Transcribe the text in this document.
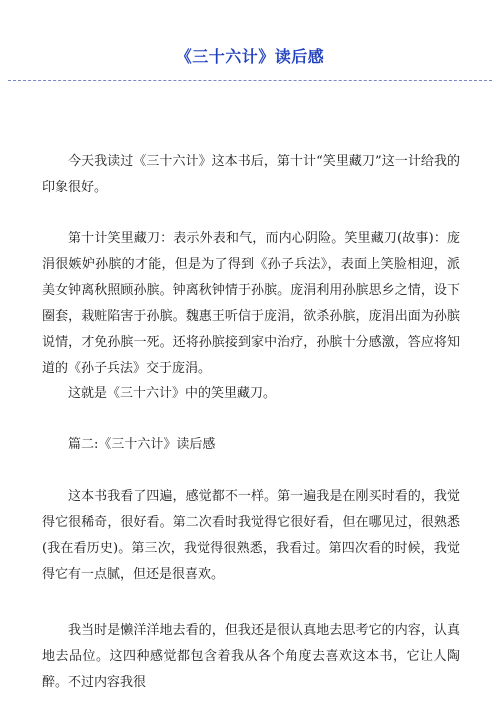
《三十六计》读后感

今天我读过《三十六计》这本书后，第十计“笑里藏刀”这一计给我的印象很好。

第十计笑里藏刀：表示外表和气，而内心阴险。笑里藏刀(故事)：庞涓很嫉妒孙膑的才能，但是为了得到《孙子兵法》，表面上笑脸相迎，派美女钟离秋照顾孙膑。钟离秋钟情于孙膑。庞涓利用孙膑思乡之情，设下圈套，栽赃陷害于孙膑。魏惠王听信于庞涓，欲杀孙膑，庞涓出面为孙膑说情，才免孙膑一死。还将孙膑接到家中治疗，孙膑十分感激，答应将知道的《孙子兵法》交于庞涓。

这就是《三十六计》中的笑里藏刀。

篇二:《三十六计》读后感

这本书我看了四遍，感觉都不一样。第一遍我是在刚买时看的，我觉得它很稀奇，很好看。第二次看时我觉得它很好看，但在哪见过，很熟悉(我在看历史)。第三次，我觉得很熟悉，我看过。第四次看的时候，我觉得它有一点腻，但还是很喜欢。

我当时是懒洋洋地去看的，但我还是很认真地去思考它的内容，认真地去品位。这四种感觉都包含着我从各个角度去喜欢这本书，它让人陶醉。不过内容我很
